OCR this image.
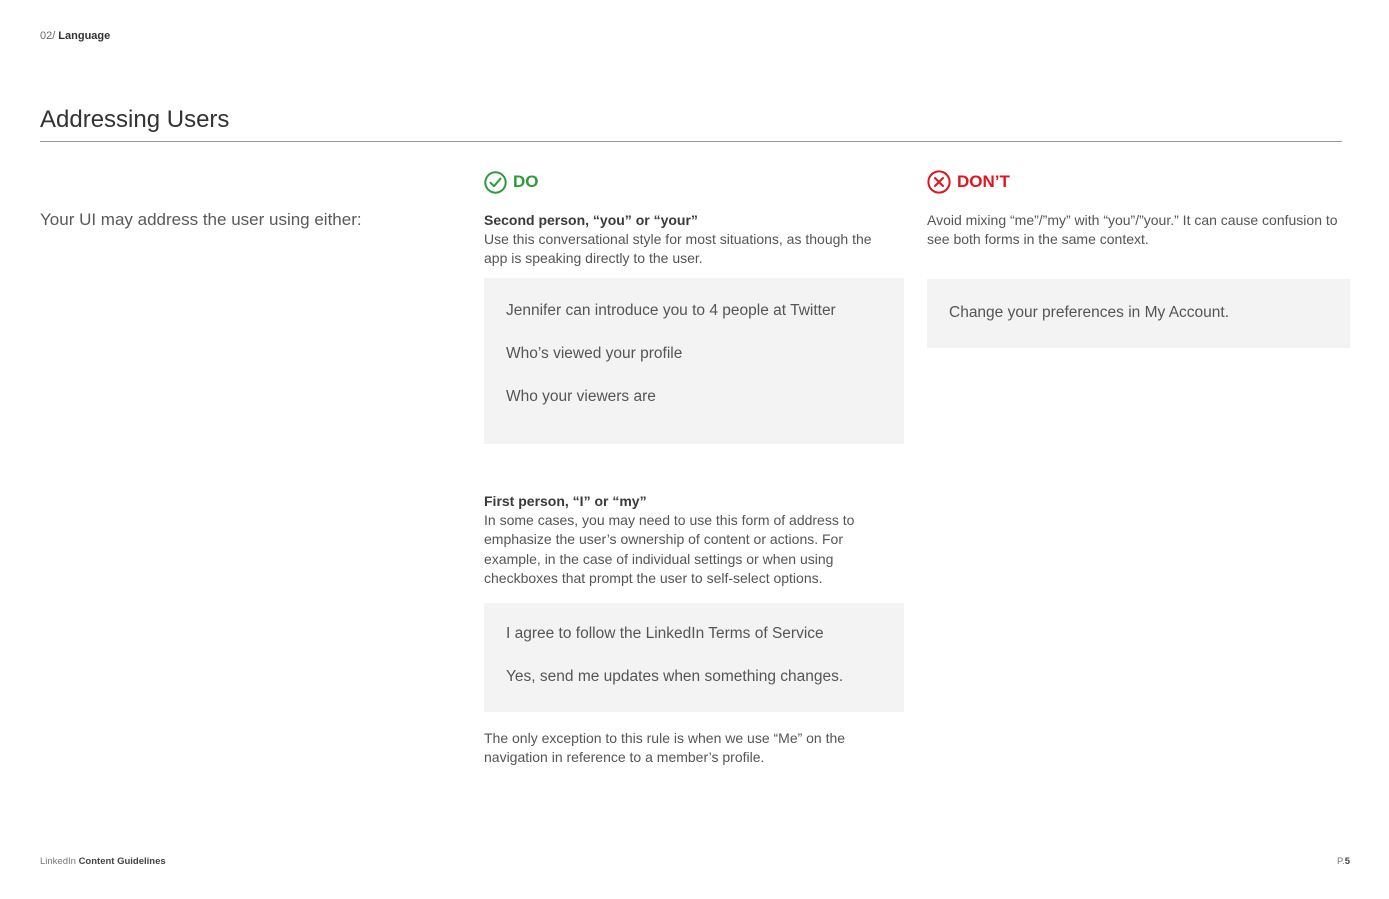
02/ Language
Addressing Users
Your UI may address the user using either:
DO
Second person, “you” or “your”
Use this conversational style for most situations, as though the app is speaking directly to the user.
Jennifer can introduce you to 4 people at Twitter
Who’s viewed your profile
Who your viewers are
First person, “I” or “my”
In some cases, you may need to use this form of address to emphasize the user’s ownership of content or actions. For example, in the case of individual settings or when using checkboxes that prompt the user to self-select options.
I agree to follow the LinkedIn Terms of Service
Yes, send me updates when something changes.
The only exception to this rule is when we use “Me” on the navigation in reference to a member’s profile.
DON’T
Avoid mixing “me”/”my” with “you”/”your.” It can cause confusion to see both forms in the same context.
Change your preferences in My Account.
LinkedIn Content Guidelines	P.5
